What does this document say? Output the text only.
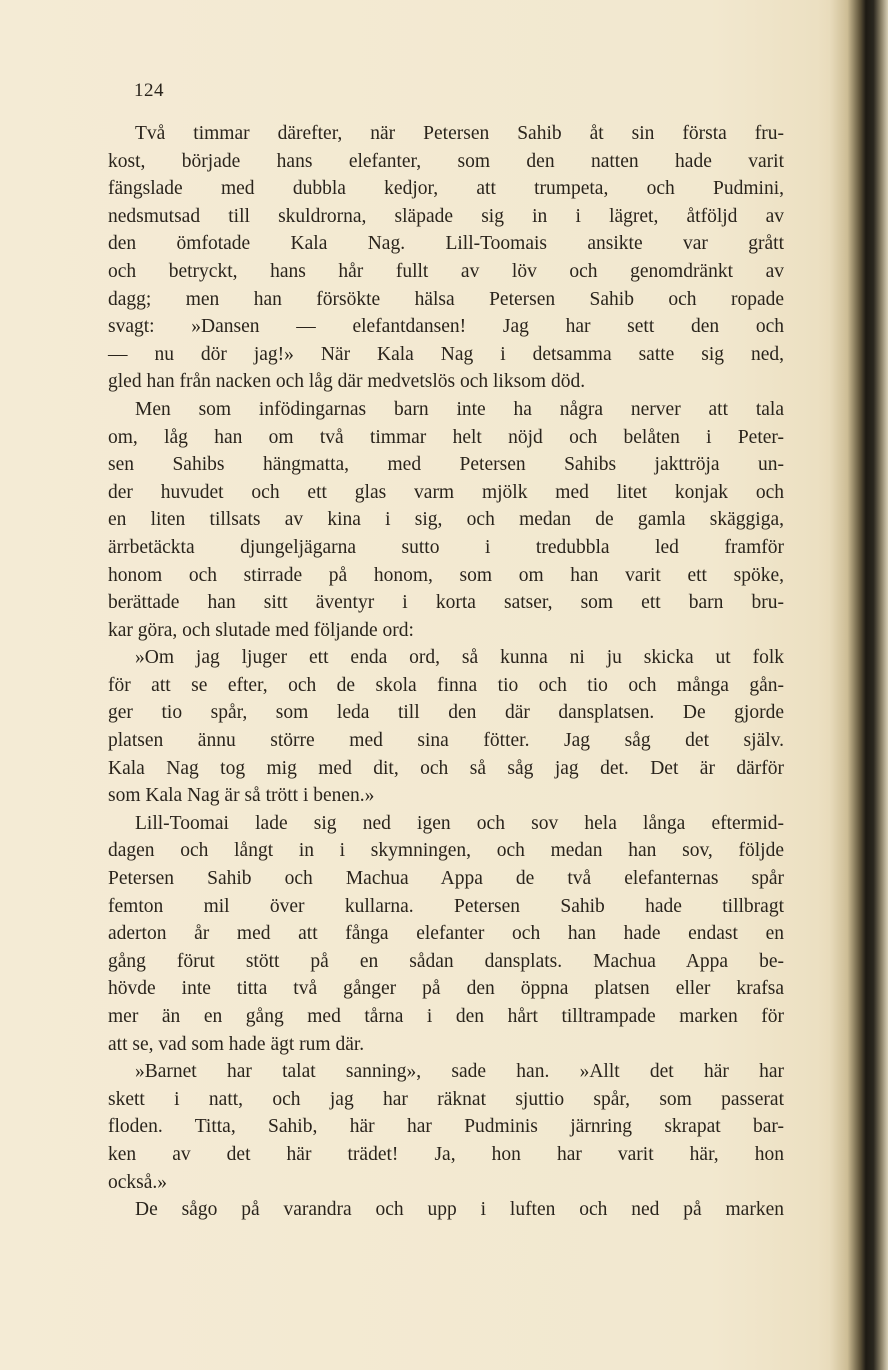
124
Två timmar därefter, när Petersen Sahib åt sin första fru-
kost, började hans elefanter, som den natten hade varit
fängslade med dubbla kedjor, att trumpeta, och Pudmini,
nedsmutsad till skuldrorna, släpade sig in i lägret, åtföljd av
den ömfotade Kala Nag. Lill-Toomais ansikte var grått
och betryckt, hans hår fullt av löv och genomdränkt av
dagg; men han försökte hälsa Petersen Sahib och ropade
svagt: »Dansen — elefantdansen! Jag har sett den och
— nu dör jag!» När Kala Nag i detsamma satte sig ned,
gled han från nacken och låg där medvetslös och liksom död.
Men som infödingarnas barn inte ha några nerver att tala
om, låg han om två timmar helt nöjd och belåten i Peter-
sen Sahibs hängmatta, med Petersen Sahibs jakttröja un-
der huvudet och ett glas varm mjölk med litet konjak och
en liten tillsats av kina i sig, och medan de gamla skäggiga,
ärrbetäckta djungeljägarna sutto i tredubbla led framför
honom och stirrade på honom, som om han varit ett spöke,
berättade han sitt äventyr i korta satser, som ett barn bru-
kar göra, och slutade med följande ord:
»Om jag ljuger ett enda ord, så kunna ni ju skicka ut folk
för att se efter, och de skola finna tio och tio och många gån-
ger tio spår, som leda till den där dansplatsen. De gjorde
platsen ännu större med sina fötter. Jag såg det själv.
Kala Nag tog mig med dit, och så såg jag det. Det är därför
som Kala Nag är så trött i benen.»
Lill-Toomai lade sig ned igen och sov hela långa eftermid-
dagen och långt in i skymningen, och medan han sov, följde
Petersen Sahib och Machua Appa de två elefanternas spår
femton mil över kullarna. Petersen Sahib hade tillbragt
aderton år med att fånga elefanter och han hade endast en
gång förut stött på en sådan dansplats. Machua Appa be-
hövde inte titta två gånger på den öppna platsen eller krafsa
mer än en gång med tårna i den hårt tilltrampade marken för
att se, vad som hade ägt rum där.
»Barnet har talat sanning», sade han. »Allt det här har
skett i natt, och jag har räknat sjuttio spår, som passerat
floden. Titta, Sahib, här har Pudminis järnring skrapat bar-
ken av det här trädet! Ja, hon har varit här, hon
också.»
De sågo på varandra och upp i luften och ned på marken
